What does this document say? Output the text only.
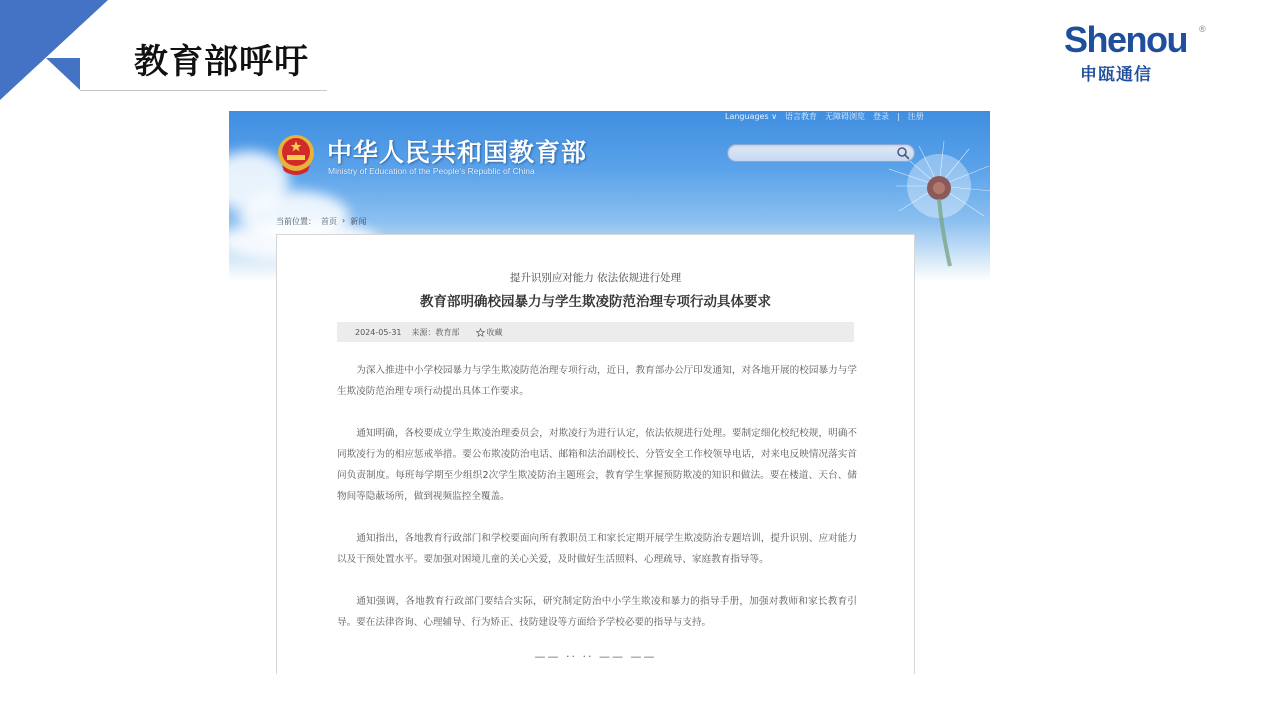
教育部呼吁
Shenou ®
申瓯通信
Languages ∨ 语言教育 无障碍浏览 登录 | 注册
中华人民共和国教育部
Ministry of Education of the People's Republic of China
当前位置： 首页 › 新闻
提升识别应对能力 依法依规进行处理
教育部明确校园暴力与学生欺凌防范治理专项行动具体要求
2024-05-31 来源：教育部	收藏

为深入推进中小学校园暴力与学生欺凌防范治理专项行动，近日，教育部办公厅印发通知，对各地开展的校园暴力与学生欺凌防范治理专项行动提出具体工作要求。

通知明确，各校要成立学生欺凌治理委员会，对欺凌行为进行认定，依法依规进行处理。要制定细化校纪校规，明确不同欺凌行为的相应惩戒举措。要公布欺凌防治电话、邮箱和法治副校长、分管安全工作校领导电话，对来电反映情况落实首问负责制度。每班每学期至少组织2次学生欺凌防治主题班会，教育学生掌握预防欺凌的知识和做法。要在楼道、天台、储物间等隐蔽场所，做到视频监控全覆盖。

通知指出，各地教育行政部门和学校要面向所有教职员工和家长定期开展学生欺凌防治专题培训，提升识别、应对能力以及干预处置水平。要加强对困境儿童的关心关爱，及时做好生活照料、心理疏导、家庭教育指导等。

通知强调，各地教育行政部门要结合实际，研究制定防治中小学生欺凌和暴力的指导手册，加强对教师和家长教育引导。要在法律咨询、心理辅导、行为矫正、技防建设等方面给予学校必要的指导与支持。

—— ·· ·· —— ——
